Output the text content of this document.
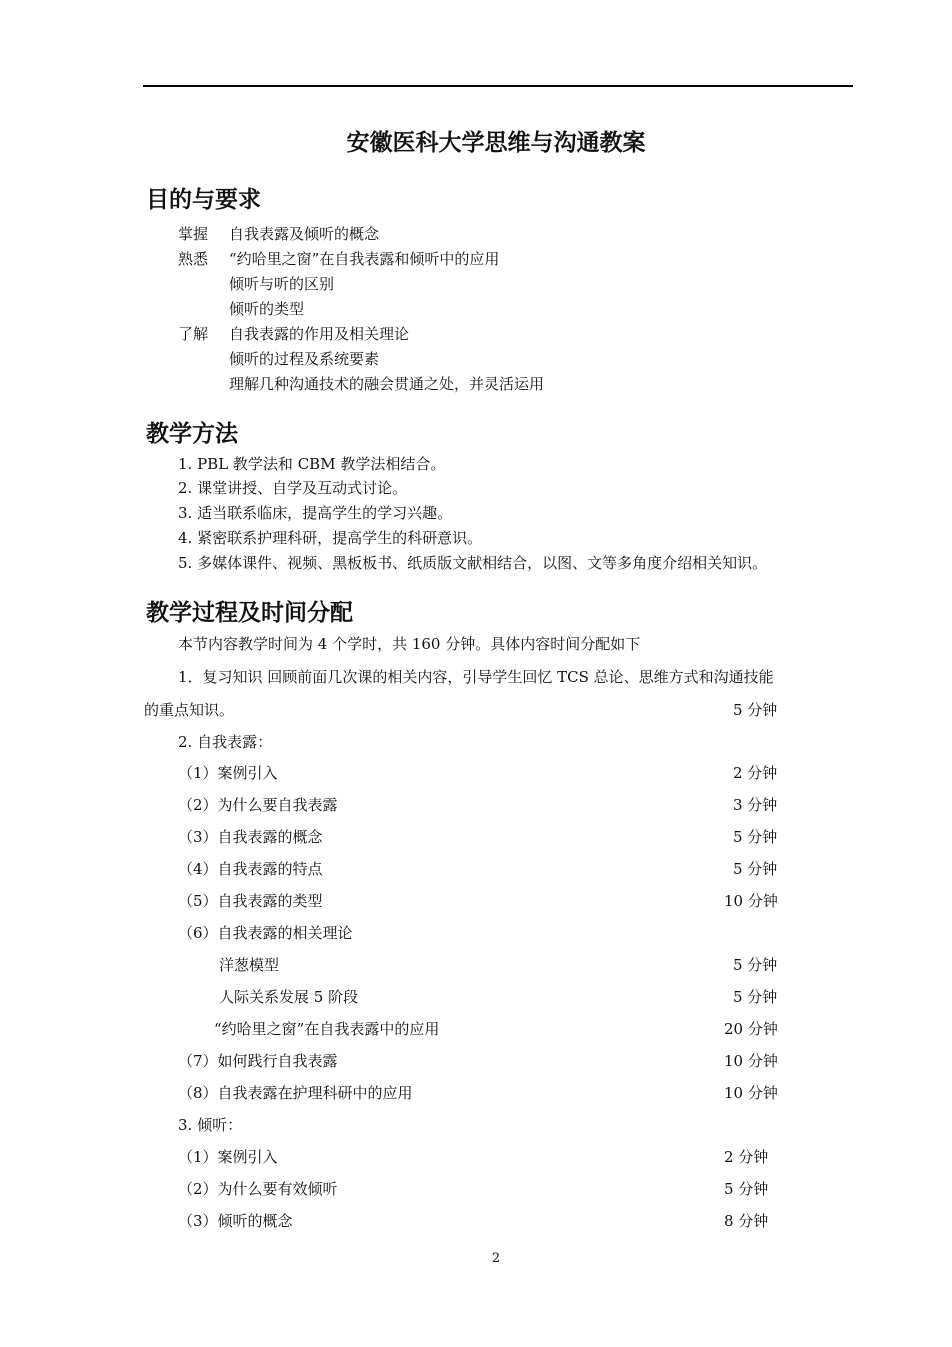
安徽医科大学思维与沟通教案
目的与要求
掌握 自我表露及倾听的概念
熟悉 “约哈里之窗”在自我表露和倾听中的应用
倾听与听的区别
倾听的类型
了解 自我表露的作用及相关理论
倾听的过程及系统要素
理解几种沟通技术的融会贯通之处，并灵活运用
教学方法
1. PBL 教学法和 CBM 教学法相结合。
2. 课堂讲授、自学及互动式讨论。
3. 适当联系临床，提高学生的学习兴趣。
4. 紧密联系护理科研，提高学生的科研意识。
5. 多媒体课件、视频、黑板板书、纸质版文献相结合，以图、文等多角度介绍相关知识。
教学过程及时间分配
本节内容教学时间为 4 个学时，共 160 分钟。具体内容时间分配如下
1．复习知识 回顾前面几次课的相关内容，引导学生回忆 TCS 总论、思维方式和沟通技能
的重点知识。	5 分钟
2. 自我表露：
（1）案例引入	2 分钟
（2）为什么要自我表露	3 分钟
（3）自我表露的概念	5 分钟
（4）自我表露的特点	5 分钟
（5）自我表露的类型	10 分钟
（6）自我表露的相关理论
洋葱模型	5 分钟
人际关系发展 5 阶段	5 分钟
“约哈里之窗”在自我表露中的应用	20 分钟
（7）如何践行自我表露	10 分钟
（8）自我表露在护理科研中的应用	10 分钟
3. 倾听：
（1）案例引入	2 分钟
（2）为什么要有效倾听	5 分钟
（3）倾听的概念	8 分钟
2
